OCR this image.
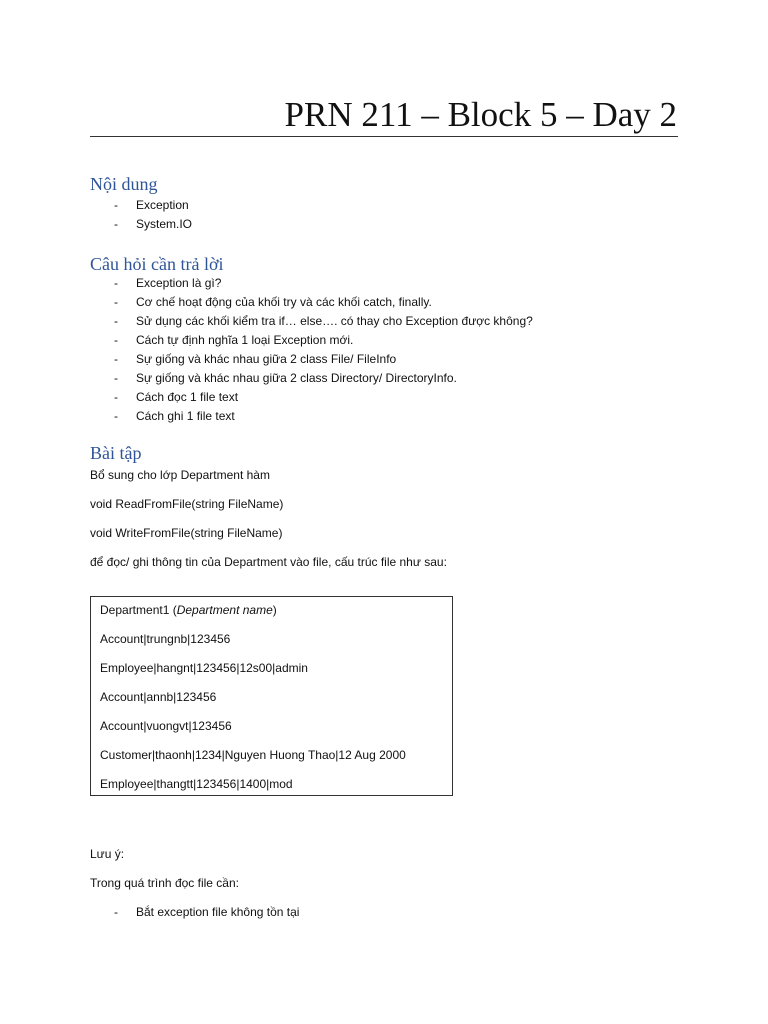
PRN 211 – Block 5 – Day 2
Nội dung
- Exception
- System.IO
Câu hỏi cần trả lời
- Exception là gì?
- Cơ chế hoạt động của khối try và các khối catch, finally.
- Sử dụng các khối kiểm tra if… else…. có thay cho Exception được không?
- Cách tự định nghĩa 1 loại Exception mới.
- Sự giống và khác nhau giữa 2 class File/ FileInfo
- Sự giống và khác nhau giữa 2 class Directory/ DirectoryInfo.
- Cách đọc 1 file text
- Cách ghi 1 file text
Bài tập

Bổ sung cho lớp Department hàm

void ReadFromFile(string FileName)

void WriteFromFile(string FileName)

để đọc/ ghi thông tin của Department vào file, cấu trúc file như sau:

Department1 (Department name)
Account|trungnb|123456
Employee|hangnt|123456|12s00|admin
Account|annb|123456
Account|vuongvt|123456
Customer|thaonh|1234|Nguyen Huong Thao|12 Aug 2000
Employee|thangtt|123456|1400|mod

Lưu ý:

Trong quá trình đọc file cần:

- Bắt exception file không tồn tại
